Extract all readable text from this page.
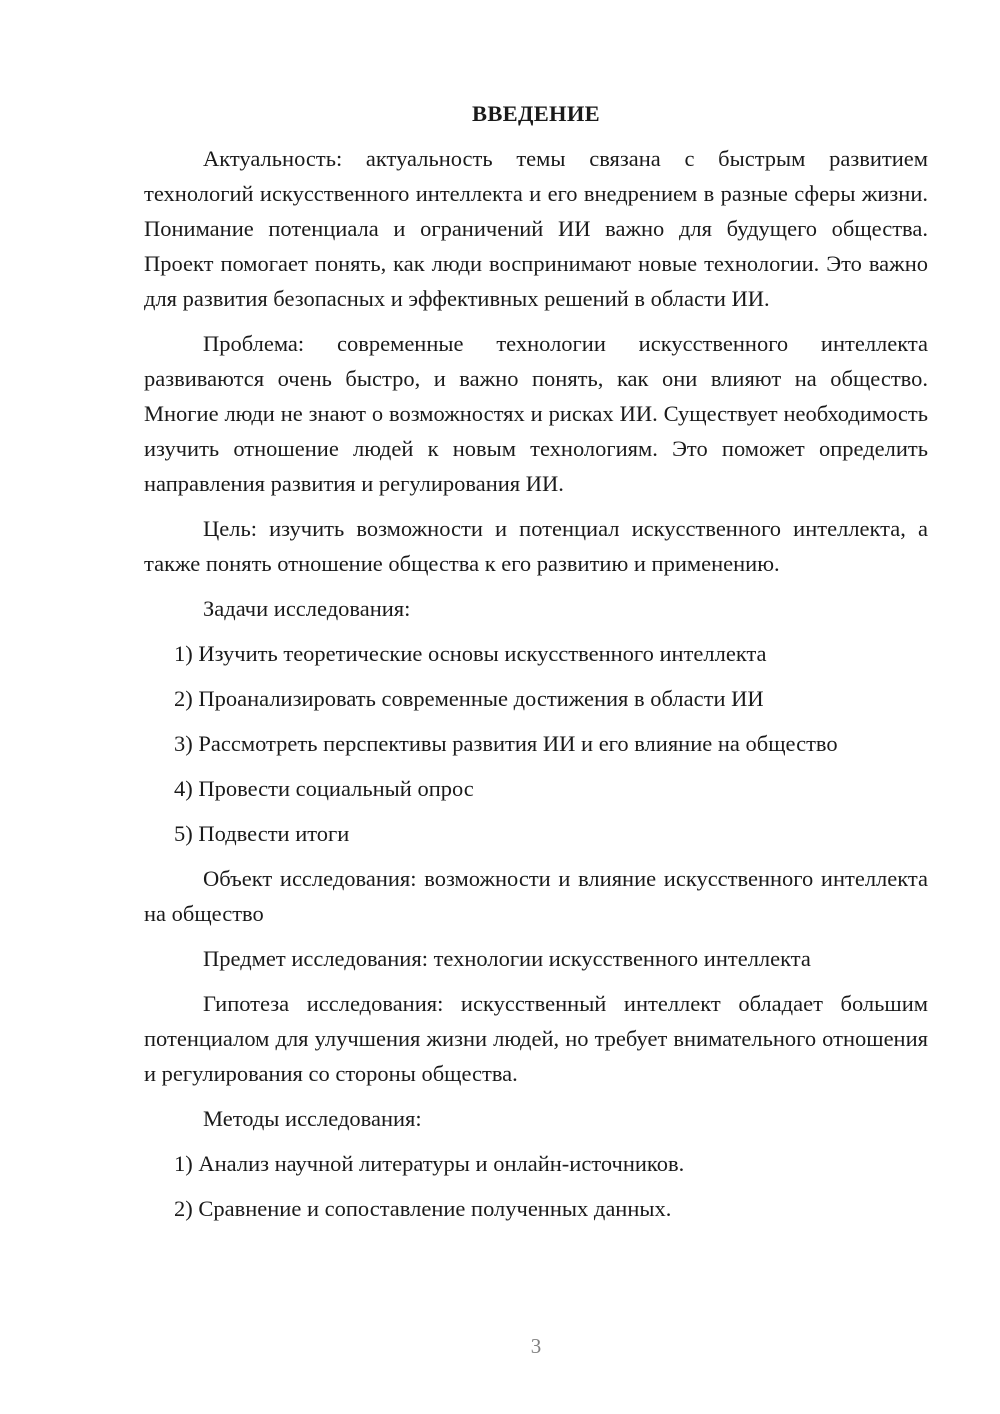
ВВЕДЕНИЕ
Актуальность: актуальность темы связана с быстрым развитием технологий искусственного интеллекта и его внедрением в разные сферы жизни. Понимание потенциала и ограничений ИИ важно для будущего общества. Проект помогает понять, как люди воспринимают новые технологии. Это важно для развития безопасных и эффективных решений в области ИИ.
Проблема: современные технологии искусственного интеллекта развиваются очень быстро, и важно понять, как они влияют на общество. Многие люди не знают о возможностях и рисках ИИ. Существует необходимость изучить отношение людей к новым технологиям. Это поможет определить направления развития и регулирования ИИ.
Цель: изучить возможности и потенциал искусственного интеллекта, а также понять отношение общества к его развитию и применению.
Задачи исследования:
1) Изучить теоретические основы искусственного интеллекта
2) Проанализировать современные достижения в области ИИ
3) Рассмотреть перспективы развития ИИ и его влияние на общество
4) Провести социальный опрос
5) Подвести итоги
Объект исследования: возможности и влияние искусственного интеллекта на общество
Предмет исследования: технологии искусственного интеллекта
Гипотеза исследования: искусственный интеллект обладает большим потенциалом для улучшения жизни людей, но требует внимательного отношения и регулирования со стороны общества.
Методы исследования:
1) Анализ научной литературы и онлайн-источников.
2) Сравнение и сопоставление полученных данных.
3
